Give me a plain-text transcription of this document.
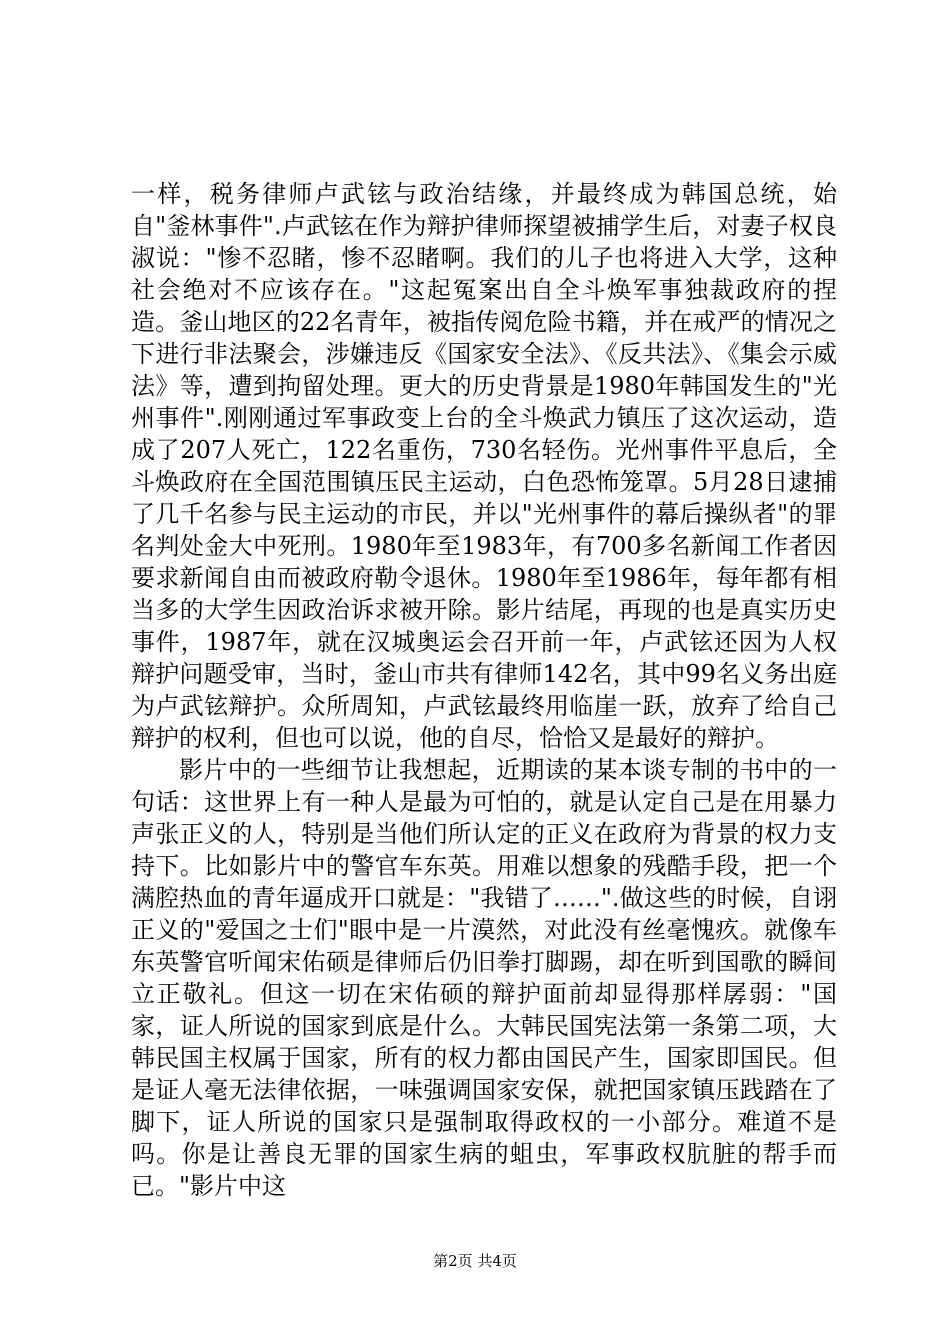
一样，税务律师卢武铉与政治结缘，并最终成为韩国总统，始自"釜林事件".卢武铉在作为辩护律师探望被捕学生后，对妻子权良淑说："惨不忍睹，惨不忍睹啊。我们的儿子也将进入大学，这种社会绝对不应该存在。"这起冤案出自全斗焕军事独裁政府的捏造。釜山地区的22名青年，被指传阅危险书籍，并在戒严的情况之下进行非法聚会，涉嫌违反《国家安全法》、《反共法》、《集会示威法》等，遭到拘留处理。更大的历史背景是1980年韩国发生的"光州事件".刚刚通过军事政变上台的全斗焕武力镇压了这次运动，造成了207人死亡，122名重伤，730名轻伤。光州事件平息后，全斗焕政府在全国范围镇压民主运动，白色恐怖笼罩。5月28日逮捕了几千名参与民主运动的市民，并以"光州事件的幕后操纵者"的罪名判处金大中死刑。1980年至1983年，有700多名新闻工作者因要求新闻自由而被政府勒令退休。1980年至1986年，每年都有相当多的大学生因政治诉求被开除。影片结尾，再现的也是真实历史事件，1987年，就在汉城奥运会召开前一年，卢武铉还因为人权辩护问题受审，当时，釜山市共有律师142名，其中99名义务出庭为卢武铉辩护。众所周知，卢武铉最终用临崖一跃，放弃了给自己辩护的权利，但也可以说，他的自尽，恰恰又是最好的辩护。

影片中的一些细节让我想起，近期读的某本谈专制的书中的一句话：这世界上有一种人是最为可怕的，就是认定自己是在用暴力声张正义的人，特别是当他们所认定的正义在政府为背景的权力支持下。比如影片中的警官车东英。用难以想象的残酷手段，把一个满腔热血的青年逼成开口就是："我错了……".做这些的时候，自诩正义的"爱国之士们"眼中是一片漠然，对此没有丝毫愧疚。就像车东英警官听闻宋佑硕是律师后仍旧拳打脚踢，却在听到国歌的瞬间立正敬礼。但这一切在宋佑硕的辩护面前却显得那样孱弱："国家，证人所说的国家到底是什么。大韩民国宪法第一条第二项，大韩民国主权属于国家，所有的权力都由国民产生，国家即国民。但是证人毫无法律依据，一味强调国家安保，就把国家镇压践踏在了脚下，证人所说的国家只是强制取得政权的一小部分。难道不是吗。你是让善良无罪的国家生病的蛆虫，军事政权肮脏的帮手而已。"影片中这

第2页 共4页
